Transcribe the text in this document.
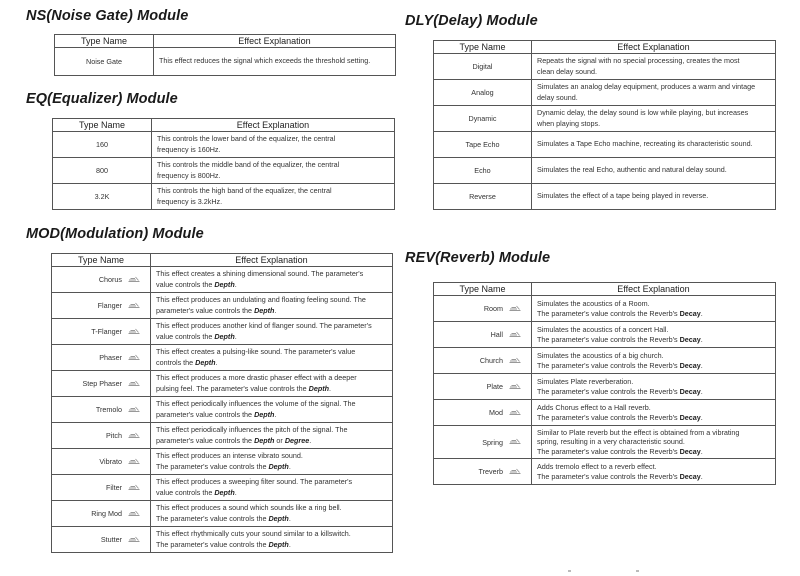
NS(Noise Gate) Module
Type Name	Effect Explanation
Noise Gate	This effect reduces the signal which exceeds the threshold setting.
EQ(Equalizer) Module
Type Name	Effect Explanation
160	This controls the lower band of the equalizer, the central
frequency is 160Hz.

800	This controls the middle band of the equalizer, the central
frequency is 800Hz.

3.2K	This controls the high band of the equalizer, the central
frequency is 3.2kHz.
MOD(Modulation) Module
Type Name	Effect Explanation
Chorus	This effect creates a shining dimensional sound. The parameter's
value controls the Depth.

Flanger	This effect produces an undulating and floating feeling sound. The
parameter's value controls the Depth.

T-Flanger	This effect produces another kind of flanger sound. The parameter's
value controls the Depth.

Phaser	This effect creates a pulsing-like sound. The parameter's value
controls the Depth.

Step Phaser	This effect produces a more drastic phaser effect with a deeper
pulsing feel. The parameter's value controls the Depth.

Tremolo	This effect periodically influences the volume of the signal. The
parameter's value controls the Depth.

Pitch	This effect periodically influences the pitch of the signal. The
parameter's value controls the Depth or Degree.

Vibrato	This effect produces an intense vibrato sound.
The parameter's value controls the Depth.

Filter	This effect produces a sweeping filter sound. The parameter's
value controls the Depth.

Ring Mod	This effect produces a sound which sounds like a ring bell.
The parameter's value controls the Depth.

Stutter	This effect rhythmically cuts your sound similar to a killswitch.
The parameter's value controls the Depth.
DLY(Delay) Module
Type Name	Effect Explanation
Digital	Repeats the signal with no special processing, creates the most
clean delay sound.

Analog	Simulates an analog delay equipment, produces a warm and vintage
delay sound.

Dynamic	Dynamic delay, the delay sound is low while playing, but increases
when playing stops.

Tape Echo	Simulates a Tape Echo machine, recreating its characteristic sound.

Echo	Simulates the real Echo, authentic and natural delay sound.

Reverse	Simulates the effect of a tape being played in reverse.
REV(Reverb) Module
Type Name	Effect Explanation
Room	Simulates the acoustics of a Room.
The parameter's value controls the Reverb's Decay.

Hall	Simulates the acoustics of a concert Hall.
The parameter's value controls the Reverb's Decay.

Church	Simulates the acoustics of a big church.
The parameter's value controls the Reverb's Decay.

Plate	Simulates Plate reverberation.
The parameter's value controls the Reverb's Decay.

Mod	Adds Chorus effect to a Hall reverb.
The parameter's value controls the Reverb's Decay.

Spring	Similar to Plate reverb but the effect is obtained from a vibrating
spring, resulting in a very characteristic sound.
The parameter's value controls the Reverb's Decay.

Treverb	Adds tremolo effect to a reverb effect.
The parameter's value controls the Reverb's Decay.
